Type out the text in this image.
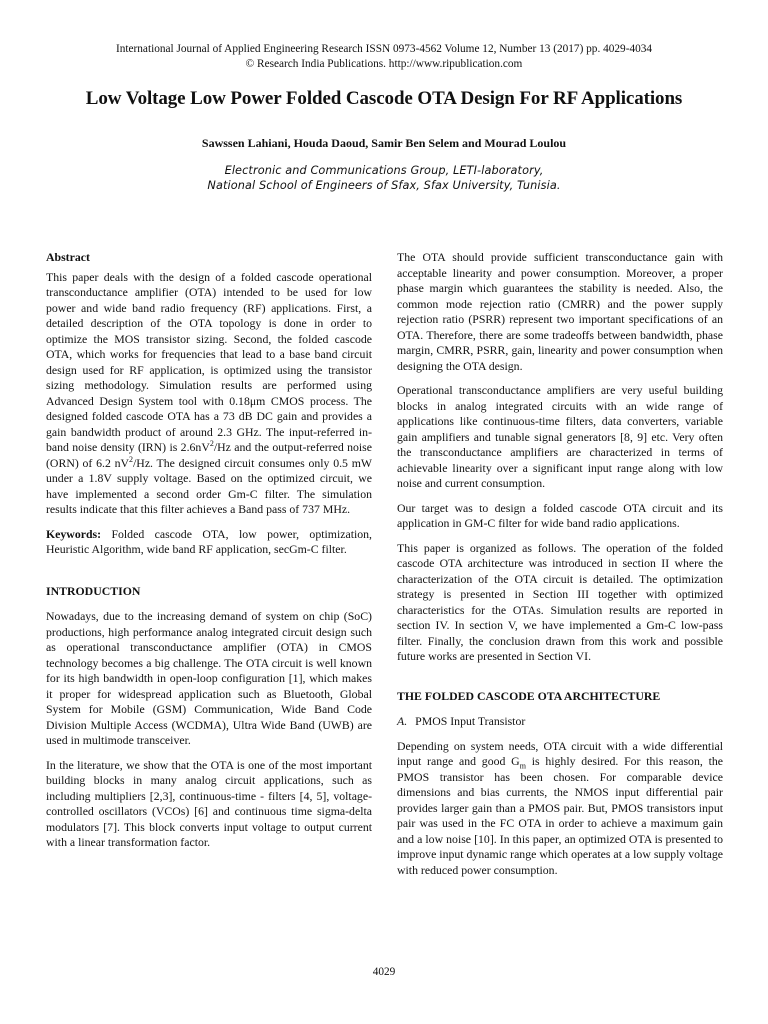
International Journal of Applied Engineering Research ISSN 0973-4562 Volume 12, Number 13 (2017) pp. 4029-4034
© Research India Publications. http://www.ripublication.com
Low Voltage Low Power Folded Cascode OTA Design For RF Applications
Sawssen Lahiani, Houda Daoud, Samir Ben Selem and Mourad Loulou
Electronic and Communications Group, LETI-laboratory,
National School of Engineers of Sfax, Sfax University, Tunisia.

Abstract

This paper deals with the design of a folded cascode operational transconductance amplifier (OTA) intended to be used for low power and wide band radio frequency (RF) applications. First, a detailed description of the OTA topology is done in order to optimize the MOS transistor sizing. Second, the folded cascode OTA, which works for frequencies that lead to a base band circuit design used for RF application, is optimized using the transistor sizing methodology. Simulation results are performed using Advanced Design System tool with 0.18μm CMOS process. The designed folded cascode OTA has a 73 dB DC gain and provides a gain bandwidth product of around 2.3 GHz. The input-referred in-band noise density (IRN) is $2.6nV^2/Hz$ and the output-referred noise (ORN) of 6.2 $nV^2/Hz$. The designed circuit consumes only 0.5 mW under a 1.8V supply voltage. Based on the optimized circuit, we have implemented a second order Gm-C filter. The simulation results indicate that this filter achieves a Band pass of 737 MHz.

Keywords: Folded cascode OTA, low power, optimization, Heuristic Algorithm, wide band RF application, secGm-C filter.

INTRODUCTION

Nowadays, due to the increasing demand of system on chip (SoC) productions, high performance analog integrated circuit design such as operational transconductance amplifier (OTA) in CMOS technology becomes a big challenge. The OTA circuit is well known for its high bandwidth in open-loop configuration [1], which makes it proper for widespread application such as Bluetooth, Global System for Mobile (GSM) Communication, Wide Band Code Division Multiple Access (WCDMA), Ultra Wide Band (UWB) are used in multimode transceiver.

In the literature, we show that the OTA is one of the most important building blocks in many analog circuit applications, such as including multipliers [2,3], continuous-time - filters [4, 5], voltage-controlled oscillators (VCOs) [6] and continuous time sigma-delta modulators [7]. This block converts input voltage to output current with a linear transformation factor.

The OTA should provide sufficient transconductance gain with acceptable linearity and power consumption. Moreover, a proper phase margin which guarantees the stability is needed. Also, the common mode rejection ratio (CMRR) and the power supply rejection ratio (PSRR) represent two important specifications of an OTA. Therefore, there are some tradeoffs between bandwidth, phase margin, CMRR, PSRR, gain, linearity and power consumption when designing the OTA design.

Operational transconductance amplifiers are very useful building blocks in analog integrated circuits with an wide range of applications like continuous-time filters, data converters, variable gain amplifiers and tunable signal generators [8, 9] etc. Very often the transconductance amplifiers are characterized in terms of achievable linearity over a significant input range along with low noise and current consumption.

Our target was to design a folded cascode OTA circuit and its application in GM-C filter for wide band radio applications.

This paper is organized as follows. The operation of the folded cascode OTA architecture was introduced in section II where the characterization of the OTA circuit is detailed. The optimization strategy is presented in Section III together with optimized characteristics for the OTAs. Simulation results are reported in section IV. In section V, we have implemented a Gm-C low-pass filter. Finally, the conclusion drawn from this work and possible future works are presented in Section VI.

THE FOLDED CASCODE OTA ARCHITECTURE

A. PMOS Input Transistor

Depending on system needs, OTA circuit with a wide differential input range and good $G_m$ is highly desired. For this reason, the PMOS transistor has been chosen. For comparable device dimensions and bias currents, the NMOS input differential pair provides larger gain than a PMOS pair. But, PMOS transistors input pair was used in the FC OTA in order to achieve a maximum gain and a low noise [10]. In this paper, an optimized OTA is presented to improve input dynamic range which operates at a low supply voltage with reduced power consumption.

4029
